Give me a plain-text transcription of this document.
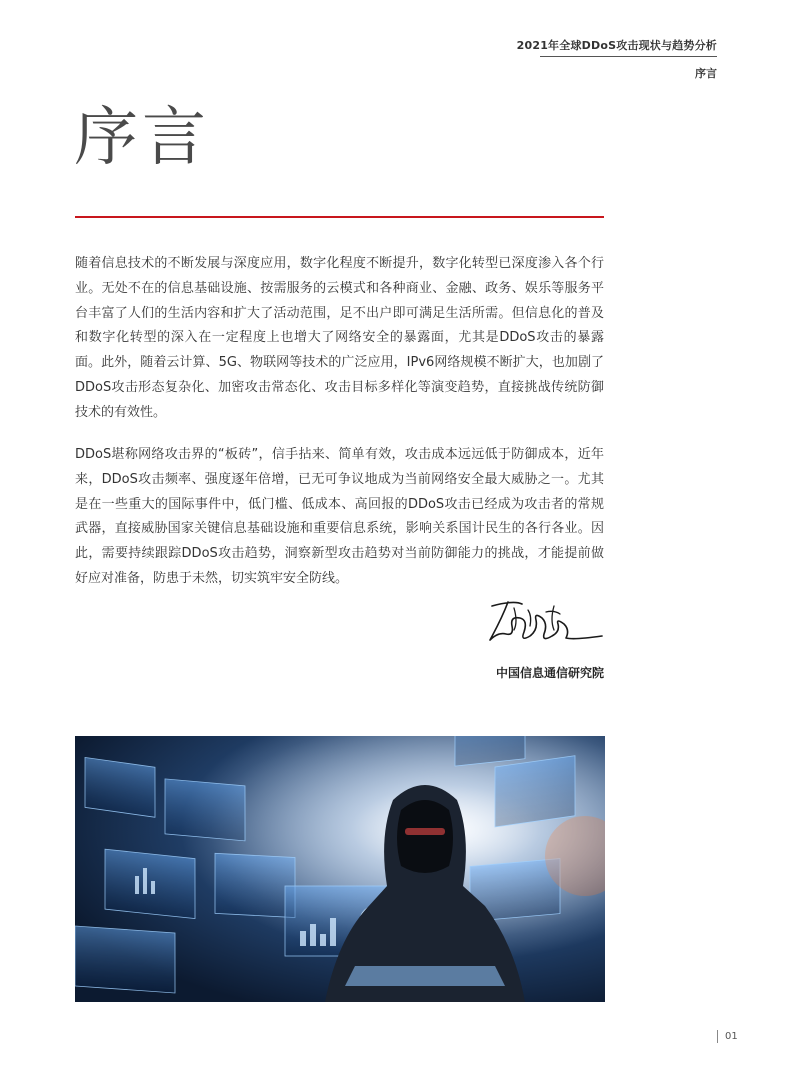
2021年全球DDoS攻击现状与趋势分析
序言
序言

随着信息技术的不断发展与深度应用，数字化程度不断提升，数字化转型已深度渗入各个行业。无处不在的信息基础设施、按需服务的云模式和各种商业、金融、政务、娱乐等服务平台丰富了人们的生活内容和扩大了活动范围，足不出户即可满足生活所需。但信息化的普及和数字化转型的深入在一定程度上也增大了网络安全的暴露面，尤其是DDoS攻击的暴露面。此外，随着云计算、5G、物联网等技术的广泛应用，IPv6网络规模不断扩大，也加剧了DDoS攻击形态复杂化、加密攻击常态化、攻击目标多样化等演变趋势，直接挑战传统防御技术的有效性。

DDoS堪称网络攻击界的“板砖”，信手拈来、简单有效，攻击成本远远低于防御成本，近年来，DDoS攻击频率、强度逐年倍增，已无可争议地成为当前网络安全最大威胁之一。尤其是在一些重大的国际事件中，低门槛、低成本、高回报的DDoS攻击已经成为攻击者的常规武器，直接威胁国家关键信息基础设施和重要信息系统，影响关系国计民生的各行各业。因此，需要持续跟踪DDoS攻击趋势，洞察新型攻击趋势对当前防御能力的挑战，才能提前做好应对准备，防患于未然，切实筑牢安全防线。

中国信息通信研究院
01
